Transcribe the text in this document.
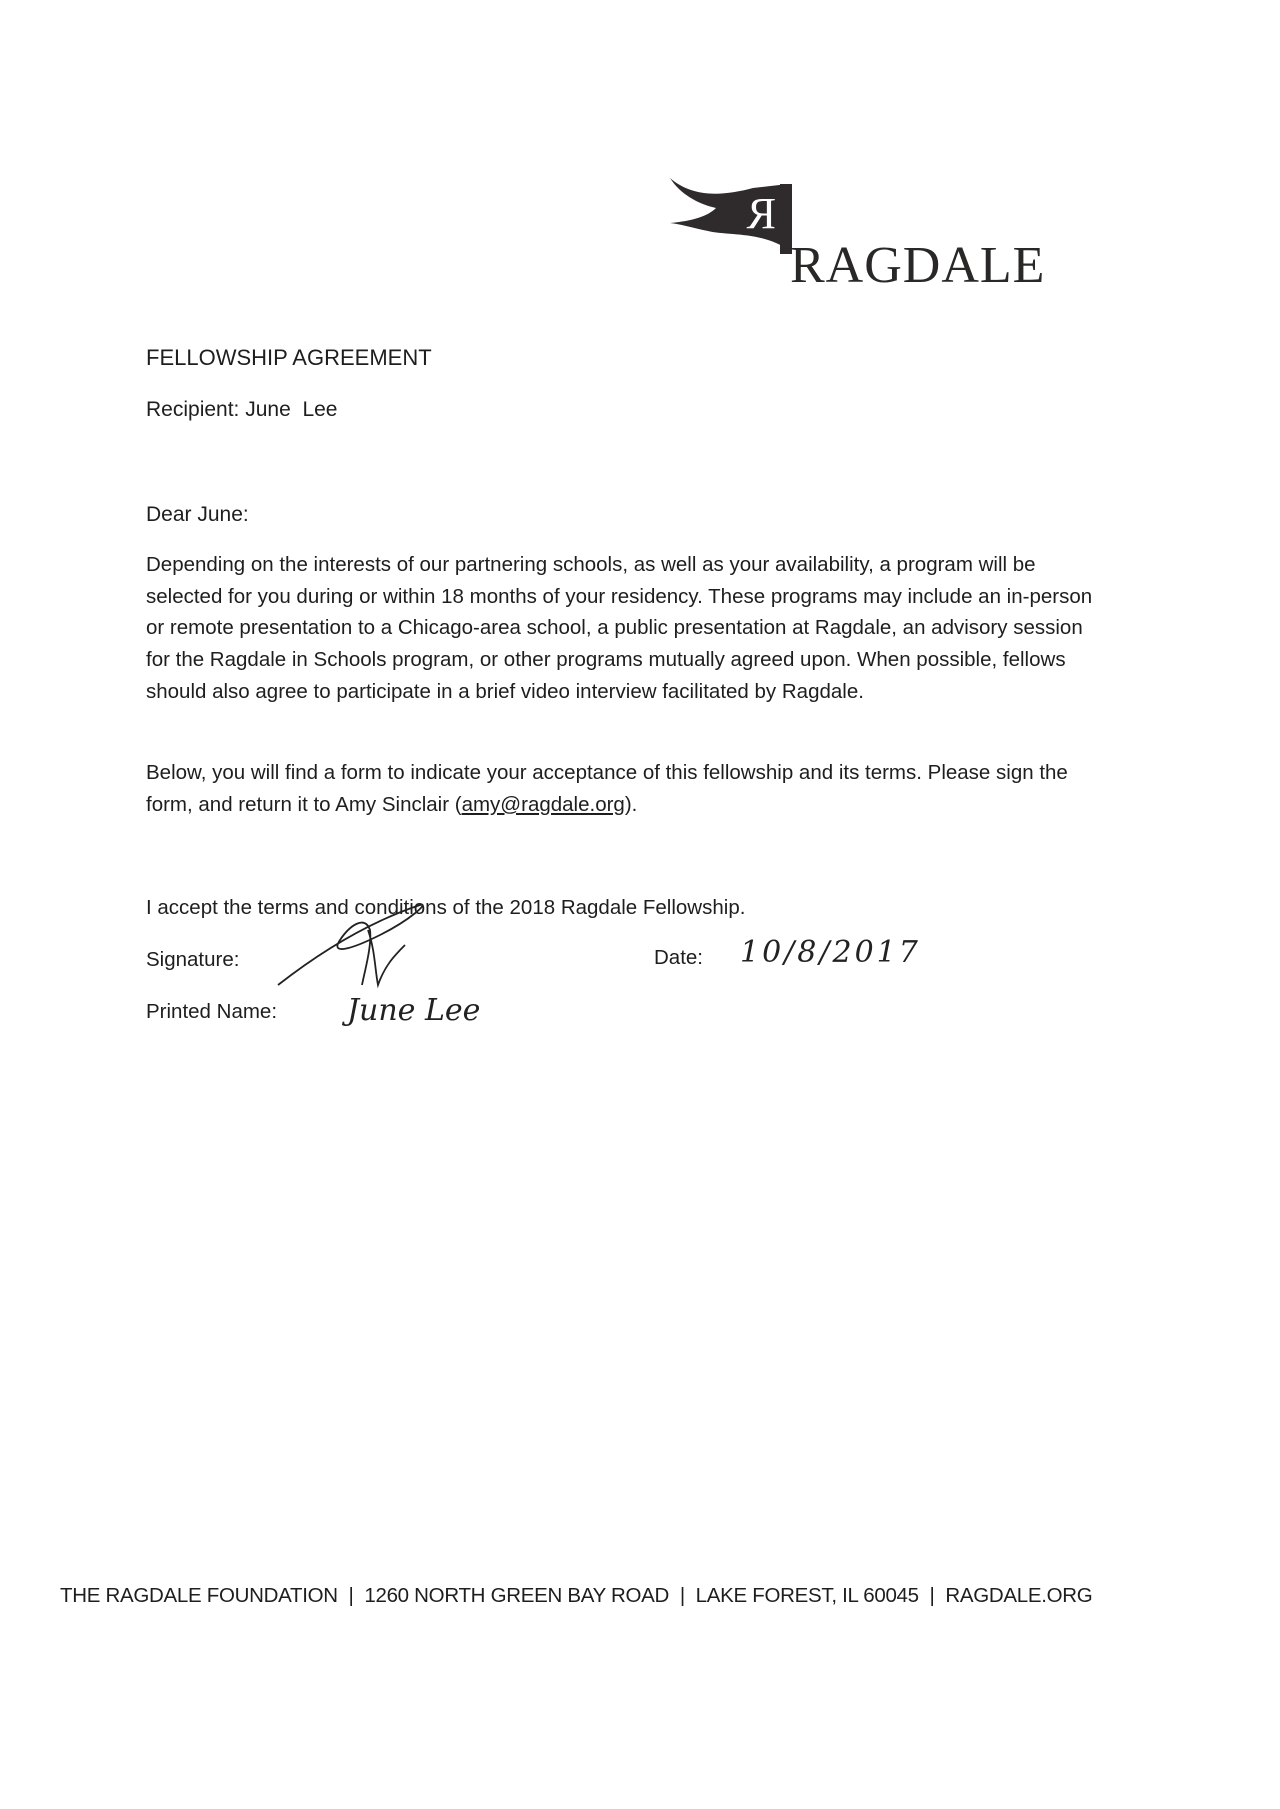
R
RAGDALE
FELLOWSHIP AGREEMENT
Recipient: June  Lee
Dear June:
Depending on the interests of our partnering schools, as well as your availability, a program will be selected for you during or within 18 months of your residency. These programs may include an in-person or remote presentation to a Chicago-area school, a public presentation at Ragdale, an advisory session for the Ragdale in Schools program, or other programs mutually agreed upon. When possible, fellows should also agree to participate in a brief video interview facilitated by Ragdale.
Below, you will find a form to indicate your acceptance of this fellowship and its terms. Please sign the form, and return it to Amy Sinclair (amy@ragdale.org).
I accept the terms and conditions of the 2018 Ragdale Fellowship.
Signature:	Date: 10/8/2017
Printed Name: June Lee
THE RAGDALE FOUNDATION  |  1260 NORTH GREEN BAY ROAD  |  LAKE FOREST, IL 60045  |  RAGDALE.ORG
